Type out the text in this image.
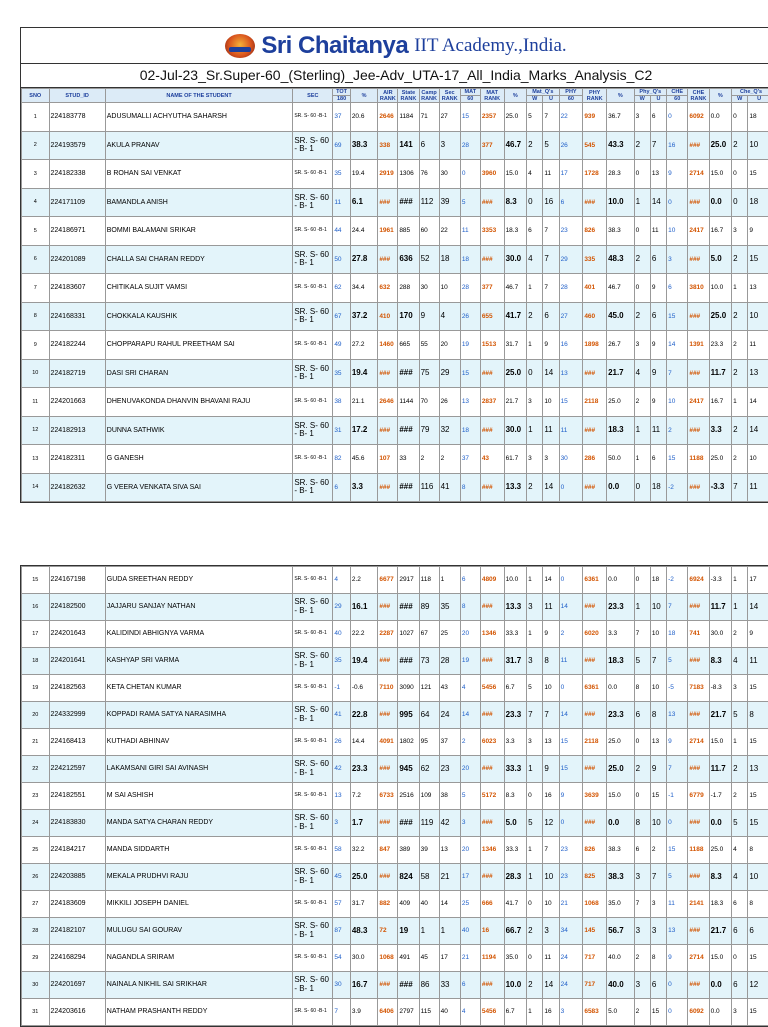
Sri Chaitanya IIT Academy.,India.
02-Jul-23_Sr.Super-60_(Sterling)_Jee-Adv_UTA-17_All_India_Marks_Analysis_C2
SNO	STUD_ID	NAME OF THE STUDENT	SEC	TOT	%	AIR RANK	State RANK	Camp RANK	Sec RANK	MAT	MAT RANK	%	Mat_Q's		PHY	PHY RANK	%	Phy_Q's		CHE	CHE RANK	%	Che_Q's	
				180						60			W	U	60			W	U	60			W	U
1	224183778	ADUSUMALLI ACHYUTHA SAHARSH	SR. S- 60 -B-1	37	20.6	2646	1184	71	27	15	2357	25.0	5	7	22	939	36.7	3	6	0	6092	0.0	0	18
2	224193579	AKULA PRANAV	SR. S- 60 - B- 1	69	38.3	338	141	6	3	28	377	46.7	2	5	26	545	43.3	2	7	16	###	25.0	2	10
3	224182338	B ROHAN SAI VENKAT	SR. S- 60 -B-1	35	19.4	2919	1306	76	30	0	3960	15.0	4	11	17	1728	28.3	0	13	9	2714	15.0	0	15
4	224171109	BAMANDLA ANISH	SR. S- 60 - B- 1	11	6.1	###	###	112	39	5	###	8.3	0	16	6	###	10.0	1	14	0	###	0.0	0	18
5	224186971	BOMMI BALAMANI SRIKAR	SR. S- 60 -B-1	44	24.4	1961	885	60	22	11	3353	18.3	6	7	23	826	38.3	0	11	10	2417	16.7	3	9
6	224201089	CHALLA SAI CHARAN REDDY	SR. S- 60 - B- 1	50	27.8	###	636	52	18	18	###	30.0	4	7	29	335	48.3	2	6	3	###	5.0	2	15
7	224183607	CHITIKALA SUJIT VAMSI	SR. S- 60 -B-1	62	34.4	632	288	30	10	28	377	46.7	1	7	28	401	46.7	0	9	6	3810	10.0	1	13
8	224168331	CHOKKALA KAUSHIK	SR. S- 60 - B- 1	67	37.2	410	170	9	4	26	655	41.7	2	6	27	460	45.0	2	6	15	###	25.0	2	10
9	224182244	CHOPPARAPU RAHUL PREETHAM SAI	SR. S- 60 -B-1	49	27.2	1460	665	55	20	19	1513	31.7	1	9	16	1898	26.7	3	9	14	1391	23.3	2	11
10	224182719	DASI SRI CHARAN	SR. S- 60 - B- 1	35	19.4	###	###	75	29	15	###	25.0	0	14	13	###	21.7	4	9	7	###	11.7	2	13
11	224201663	DHENUVAKONDA DHANVIN BHAVANI RAJU	SR. S- 60 -B-1	38	21.1	2646	1144	70	26	13	2837	21.7	3	10	15	2118	25.0	2	9	10	2417	16.7	1	14
12	224182913	DUNNA SATHWIK	SR. S- 60 - B- 1	31	17.2	###	###	79	32	18	###	30.0	1	11	11	###	18.3	1	11	2	###	3.3	2	14
13	224182311	G GANESH	SR. S- 60 -B-1	82	45.6	107	33	2	2	37	43	61.7	3	3	30	286	50.0	1	6	15	1188	25.0	2	10
14	224182632	G VEERA VENKATA SIVA SAI	SR. S- 60 - B- 1	6	3.3	###	###	116	41	8	###	13.3	2	14	0	###	0.0	0	18	-2	###	-3.3	7	11
15	224167198	GUDA SREETHAN REDDY	SR. S- 60 -B-1	4	2.2	6677	2917	118	1	6	4809	10.0	1	14	0	6361	0.0	0	18	-2	6924	-3.3	1	17
16	224182500	JAJJARU SANJAY NATHAN	SR. S- 60 - B- 1	29	16.1	###	###	89	35	8	###	13.3	3	11	14	###	23.3	1	10	7	###	11.7	1	14
17	224201643	KALIDINDI ABHIGNYA VARMA	SR. S- 60 -B-1	40	22.2	2287	1027	67	25	20	1346	33.3	1	9	2	6020	3.3	7	10	18	741	30.0	2	9
18	224201641	KASHYAP SRI VARMA	SR. S- 60 - B- 1	35	19.4	###	###	73	28	19	###	31.7	3	8	11	###	18.3	5	7	5	###	8.3	4	11
19	224182563	KETA CHETAN KUMAR	SR. S- 60 -B-1	-1	-0.6	7110	3090	121	43	4	5456	6.7	5	10	0	6361	0.0	8	10	-5	7183	-8.3	3	15
20	224332999	KOPPADI RAMA SATYA NARASIMHA	SR. S- 60 - B- 1	41	22.8	###	995	64	24	14	###	23.3	7	7	14	###	23.3	6	8	13	###	21.7	5	8
21	224168413	KUTHADI ABHINAV	SR. S- 60 -B-1	26	14.4	4091	1802	95	37	2	6023	3.3	3	13	15	2118	25.0	0	13	9	2714	15.0	1	15
22	224212597	LAKAMSANI GIRI SAI AVINASH	SR. S- 60 - B- 1	42	23.3	###	945	62	23	20	###	33.3	1	9	15	###	25.0	2	9	7	###	11.7	2	13
23	224182551	M SAI ASHISH	SR. S- 60 -B-1	13	7.2	6733	2516	109	38	5	5172	8.3	0	16	9	3639	15.0	0	15	-1	6779	-1.7	2	15
24	224183830	MANDA SATYA CHARAN REDDY	SR. S- 60 - B- 1	3	1.7	###	###	119	42	3	###	5.0	5	12	0	###	0.0	8	10	0	###	0.0	5	15
25	224184217	MANDA SIDDARTH	SR. S- 60 -B-1	58	32.2	847	389	39	13	20	1346	33.3	1	7	23	826	38.3	6	2	15	1188	25.0	4	8
26	224203885	MEKALA PRUDHVI RAJU	SR. S- 60 - B- 1	45	25.0	###	824	58	21	17	###	28.3	1	10	23	825	38.3	3	7	5	###	8.3	4	10
27	224183609	MIKKILI JOSEPH DANIEL	SR. S- 60 -B-1	57	31.7	882	409	40	14	25	666	41.7	0	10	21	1068	35.0	7	3	11	2141	18.3	6	8
28	224182107	MULUGU SAI GOURAV	SR. S- 60 - B- 1	87	48.3	72	19	1	1	40	16	66.7	2	3	34	145	56.7	3	3	13	###	21.7	6	6
29	224168294	NAGANDLA SRIRAM	SR. S- 60 -B-1	54	30.0	1068	491	45	17	21	1194	35.0	0	11	24	717	40.0	2	8	9	2714	15.0	0	15
30	224201697	NAINALA NIKHIL SAI SRIKHAR	SR. S- 60 - B- 1	30	16.7	###	###	86	33	6	###	10.0	2	14	24	717	40.0	3	6	0	###	0.0	6	12
31	224203616	NATHAM PRASHANTH REDDY	SR. S- 60 -B-1	7	3.9	6406	2797	115	40	4	5456	6.7	1	16	3	6583	5.0	2	15	0	6092	0.0	3	15
